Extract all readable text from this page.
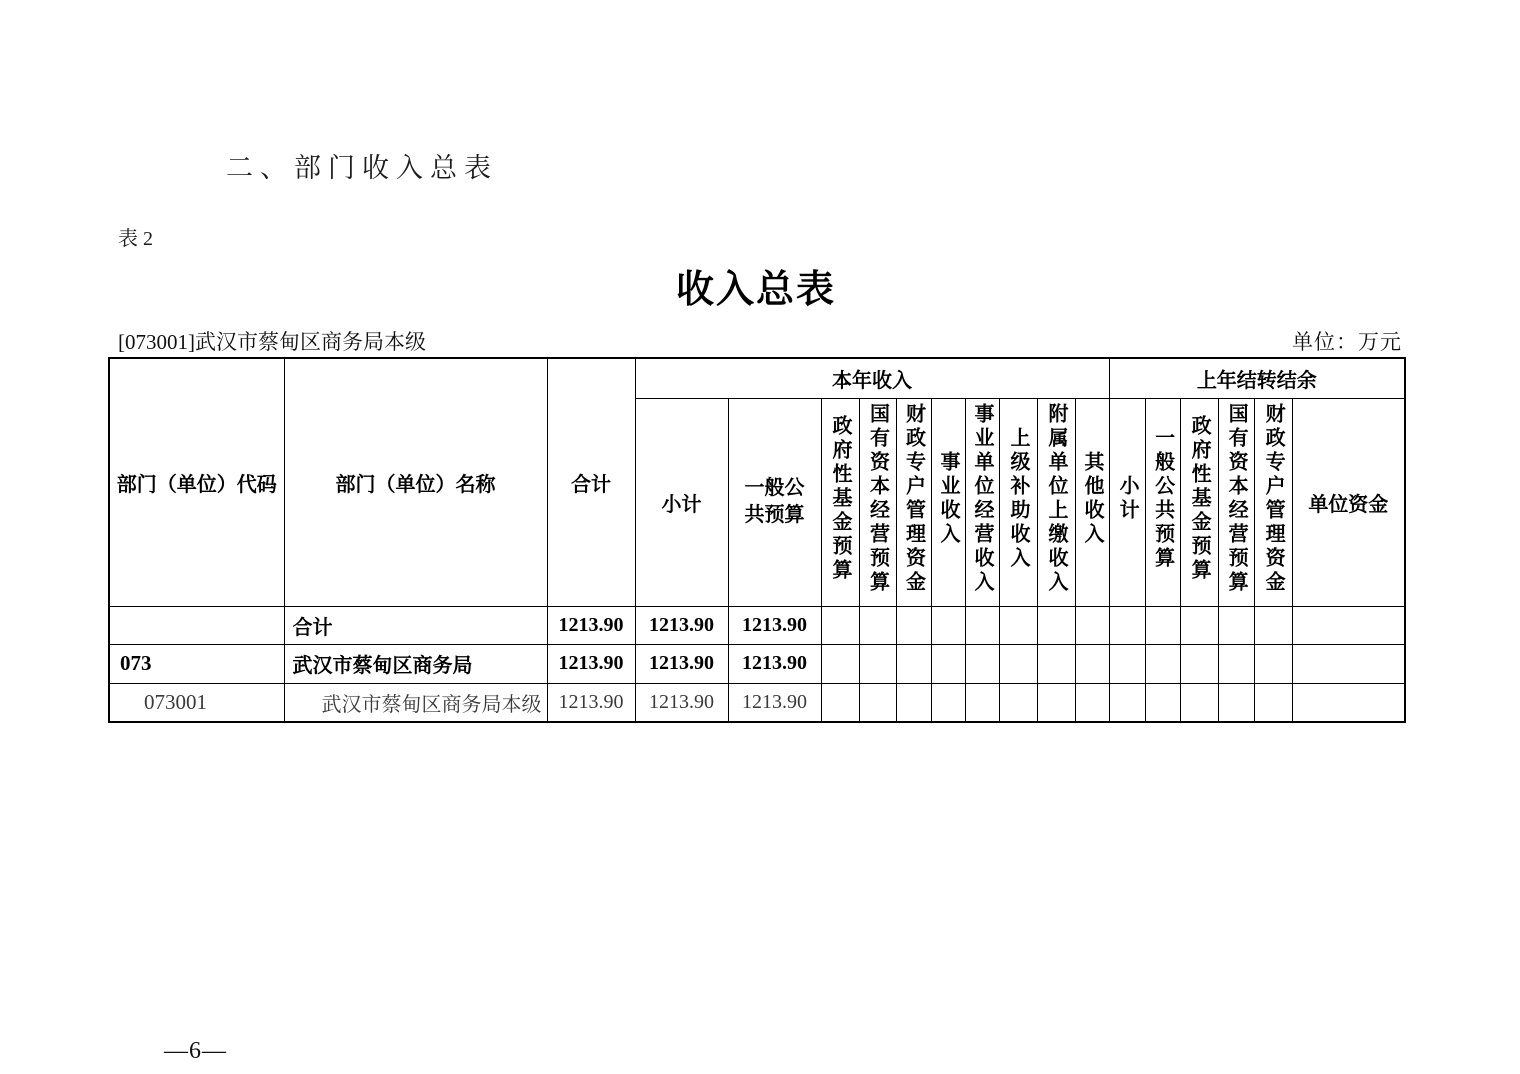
二、部门收入总表
表 2
收入总表
[073001]武汉市蔡甸区商务局本级	单位：万元
部门（单位）代码	部门（单位）名称	合计	本年收入										上年结转结余					
			小计	一般公共预算	政府性基金预算	国有资本经营预算	财政专户管理资金	事业收入	事业单位经营收入	上级补助收入	附属单位上缴收入	其他收入	小计	一般公共预算	政府性基金预算	国有资本经营预算	财政专户管理资金	单位资金
	合计	1213.90	1213.90	1213.90														
073	武汉市蔡甸区商务局	1213.90	1213.90	1213.90														
073001	武汉市蔡甸区商务局本级	1213.90	1213.90	1213.90														
—6—
